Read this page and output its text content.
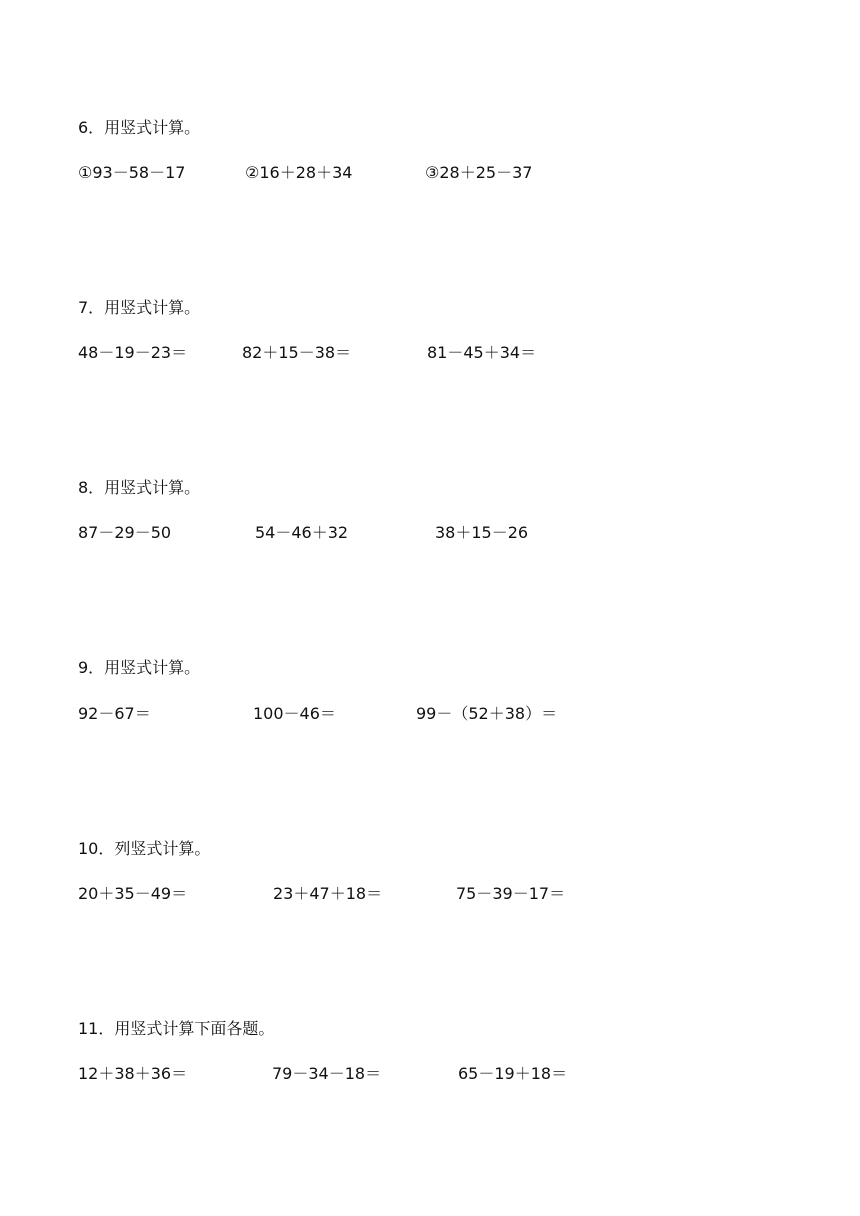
6．用竖式计算。
①93－58－17	②16＋28＋34	③28＋25－37
7．用竖式计算。
48－19－23＝	82＋15－38＝	81－45＋34＝
8．用竖式计算。
87－29－50	54－46＋32	38＋15－26
9．用竖式计算。
92－67＝	100－46＝	99－（52＋38）＝
10．列竖式计算。
20＋35－49＝	23＋47＋18＝	75－39－17＝
11．用竖式计算下面各题。
12＋38＋36＝	79－34－18＝	65－19＋18＝
